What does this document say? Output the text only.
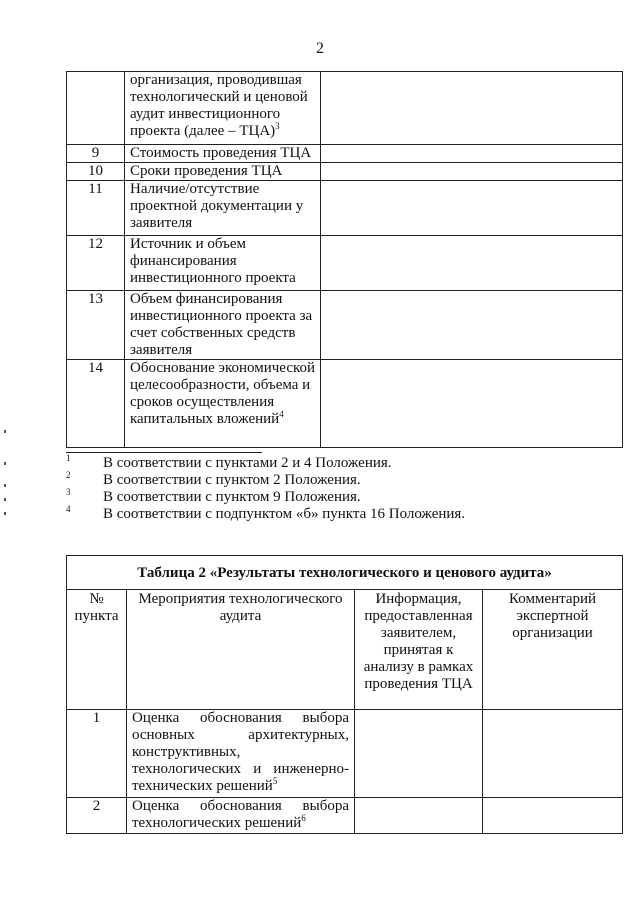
2
	организация, проводившая технологический и ценовой аудит инвестиционного проекта (далее – ТЦА)$^3$	
9	Стоимость проведения ТЦА	
10	Сроки проведения ТЦА	
11	Наличие/отсутствие проектной документации у заявителя	
12	Источник и объем финансирования инвестиционного проекта	
13	Объем финансирования инвестиционного проекта за счет собственных средств заявителя	
14	Обоснование экономической целесообразности, объема и сроков осуществления капитальных вложений$^4$	
1 В соответствии с пунктами 2 и 4 Положения.
2 В соответствии с пунктом 2 Положения.
3 В соответствии с пунктом 9 Положения.
4 В соответствии с подпунктом «б» пункта 16 Положения.
Таблица 2 «Результаты технологического и ценового аудита»			
№ пункта	Мероприятия технологического аудита	Информация, предоставленная заявителем, принятая к анализу в рамках проведения ТЦА	Комментарий экспертной организации
1	Оценка обоснования выбора основных архитектурных, конструктивных, технологических и инженерно-технических решений$^5$		
2	Оценка обоснования выбора технологических решений$^6$		
